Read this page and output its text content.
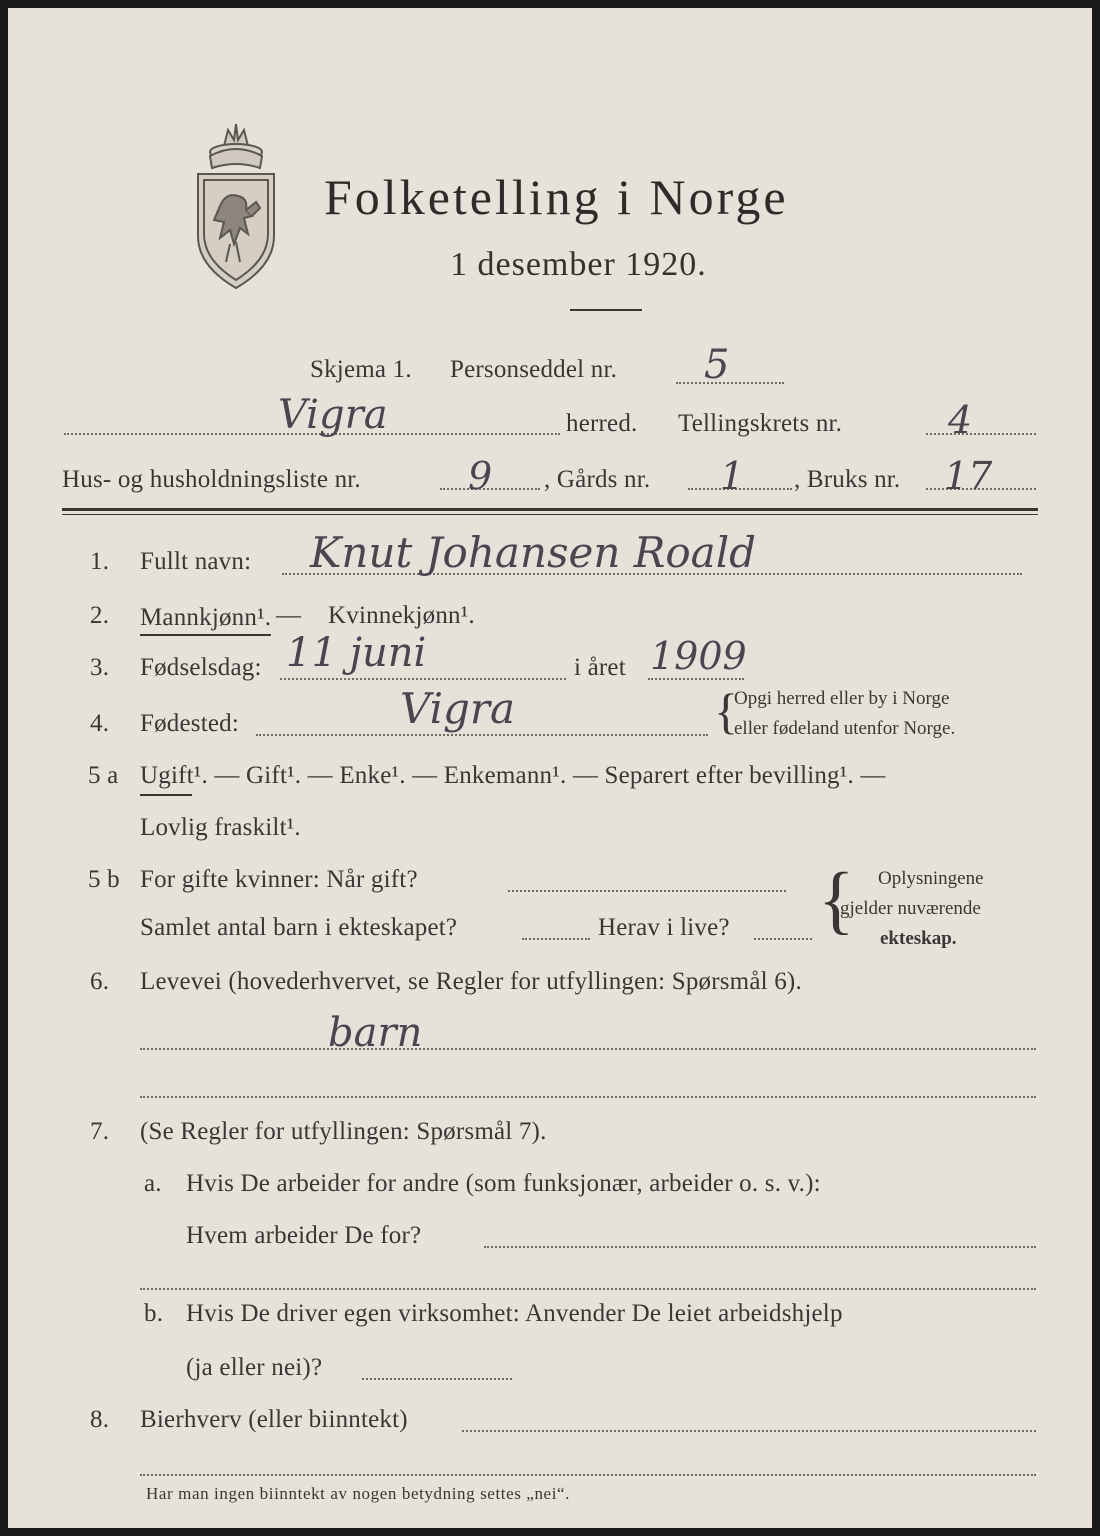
Folketelling i Norge
1 desember 1920.
Skjema 1. Personseddel nr. 5
Vigra	herred. Tellingskrets nr.	4
Hus- og husholdningsliste nr.	9 , Gårds nr. 1 , Bruks nr. 17
1. Fullt navn: Knut Johansen Roald
2. Mannkjønn¹. — Kvinnekjønn¹.
3. Fødselsdag: 11 juni	i året 1909
4. Fødested:	Vigra	{
Opgi herred eller by i Norge
eller fødeland utenfor Norge.
5 a Ugift¹. — Gift¹. — Enke¹. — Enkemann¹. — Separert efter bevilling¹. —
Lovlig fraskilt¹.
5 b For gifte kvinner: Når gift?
Samlet antal barn i ekteskapet?	Herav i live? { Oplysningene
gjelder nuværende
ekteskap.
6. Levevei (hovederhvervet, se Regler for utfyllingen: Spørsmål 6).
barn
7. (Se Regler for utfyllingen: Spørsmål 7).
a. Hvis De arbeider for andre (som funksjonær, arbeider o. s. v.):
Hvem arbeider De for?
b. Hvis De driver egen virksomhet: Anvender De leiet arbeidshjelp
(ja eller nei)?
8. Bierhverv (eller biinntekt)
Har man ingen biinntekt av nogen betydning settes „nei“.
